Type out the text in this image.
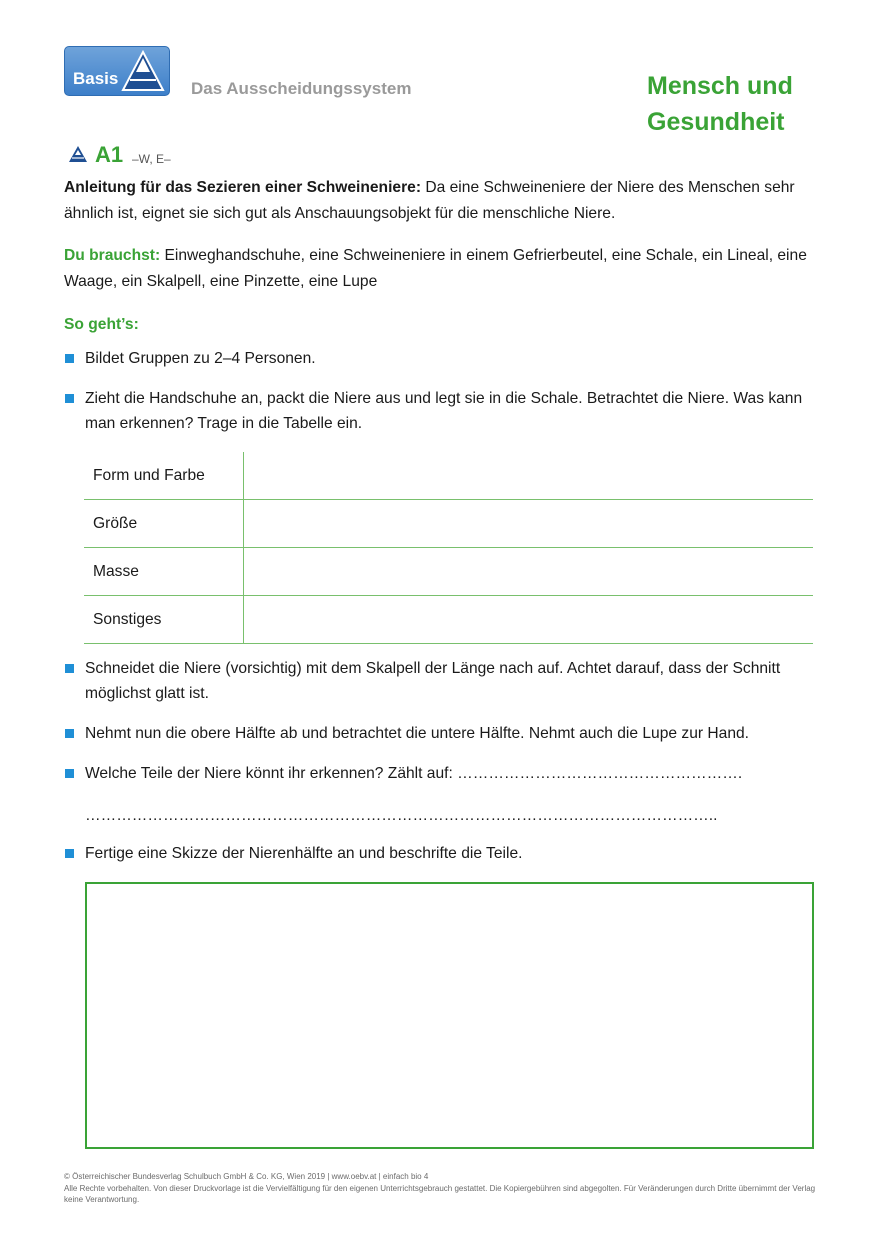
Basis
Das Ausscheidungssystem	Mensch und
Gesundheit
A1 –W, E–
Anleitung für das Sezieren einer Schweineniere: Da eine Schweineniere der Niere des Menschen sehr ähnlich ist, eignet sie sich gut als Anschauungsobjekt für die menschliche Niere.
Du brauchst: Einweghandschuhe, eine Schweineniere in einem Gefrierbeutel, eine Schale, ein Lineal, eine Waage, ein Skalpell, eine Pinzette, eine Lupe
So geht’s:
Bildet Gruppen zu 2–4 Personen.
Zieht die Handschuhe an, packt die Niere aus und legt sie in die Schale. Betrachtet die Niere. Was kann man erkennen? Trage in die Tabelle ein.
Form und Farbe	
Größe	
Masse	
Sonstiges	
Schneidet die Niere (vorsichtig) mit dem Skalpell der Länge nach auf. Achtet darauf, dass der Schnitt möglichst glatt ist.
Nehmt nun die obere Hälfte ab und betrachtet die untere Hälfte. Nehmt auch die Lupe zur Hand.
Welche Teile der Niere könnt ihr erkennen? Zählt auf: ……………………………………………….
…………………………………………………………………………………………………………..
Fertige eine Skizze der Nierenhälfte an und beschrifte die Teile.
© Österreichischer Bundesverlag Schulbuch GmbH & Co. KG, Wien 2019 | www.oebv.at | einfach bio 4
Alle Rechte vorbehalten. Von dieser Druckvorlage ist die Vervielfältigung für den eigenen Unterrichtsgebrauch gestattet. Die Kopiergebühren sind abgegolten. Für Veränderungen durch Dritte übernimmt der Verlag keine Verantwortung.
